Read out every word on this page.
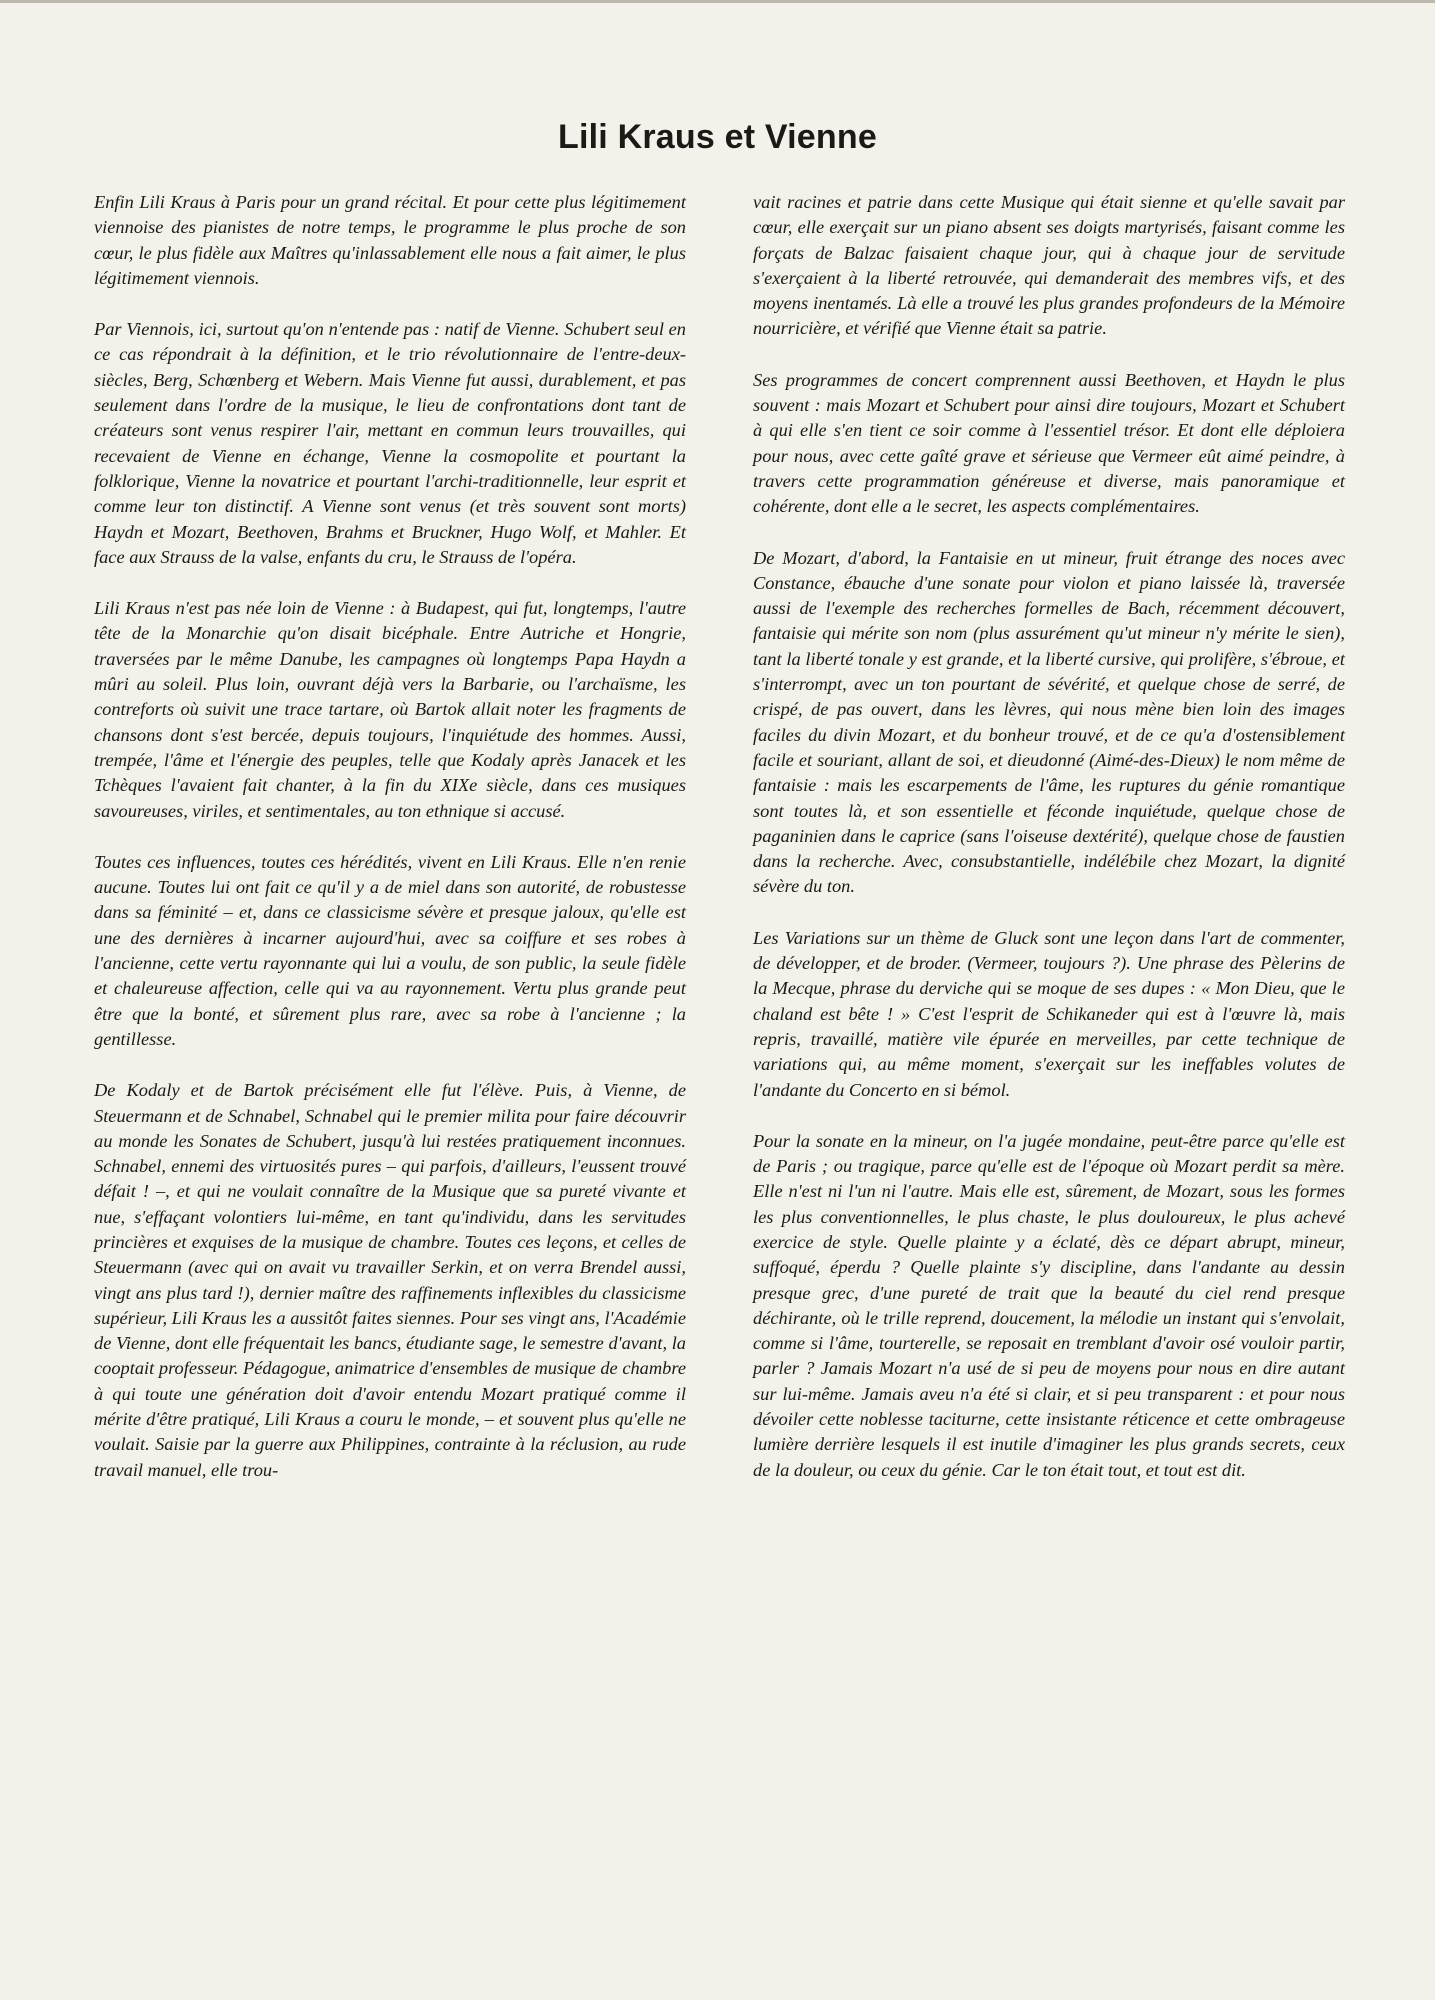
Lili Kraus et Vienne

Enfin Lili Kraus à Paris pour un grand récital. Et pour cette plus légitimement viennoise des pianistes de notre temps, le programme le plus proche de son cœur, le plus fidèle aux Maîtres qu'inlassablement elle nous a fait aimer, le plus légitimement viennois.

Par Viennois, ici, surtout qu'on n'entende pas : natif de Vienne. Schubert seul en ce cas répondrait à la définition, et le trio révolutionnaire de l'entre-deux-siècles, Berg, Schœnberg et Webern. Mais Vienne fut aussi, durablement, et pas seulement dans l'ordre de la musique, le lieu de confrontations dont tant de créateurs sont venus respirer l'air, mettant en commun leurs trouvailles, qui recevaient de Vienne en échange, Vienne la cosmopolite et pourtant la folklorique, Vienne la novatrice et pourtant l'archi-traditionnelle, leur esprit et comme leur ton distinctif. A Vienne sont venus (et très souvent sont morts) Haydn et Mozart, Beethoven, Brahms et Bruckner, Hugo Wolf, et Mahler. Et face aux Strauss de la valse, enfants du cru, le Strauss de l'opéra.

Lili Kraus n'est pas née loin de Vienne : à Budapest, qui fut, longtemps, l'autre tête de la Monarchie qu'on disait bicéphale. Entre Autriche et Hongrie, traversées par le même Danube, les campagnes où longtemps Papa Haydn a mûri au soleil. Plus loin, ouvrant déjà vers la Barbarie, ou l'archaïsme, les contreforts où suivit une trace tartare, où Bartok allait noter les fragments de chansons dont s'est bercée, depuis toujours, l'inquiétude des hommes. Aussi, trempée, l'âme et l'énergie des peuples, telle que Kodaly après Janacek et les Tchèques l'avaient fait chanter, à la fin du XIXe siècle, dans ces musiques savoureuses, viriles, et sentimentales, au ton ethnique si accusé.

Toutes ces influences, toutes ces hérédités, vivent en Lili Kraus. Elle n'en renie aucune. Toutes lui ont fait ce qu'il y a de miel dans son autorité, de robustesse dans sa féminité – et, dans ce classicisme sévère et presque jaloux, qu'elle est une des dernières à incarner aujourd'hui, avec sa coiffure et ses robes à l'ancienne, cette vertu rayonnante qui lui a voulu, de son public, la seule fidèle et chaleureuse affection, celle qui va au rayonnement. Vertu plus grande peut être que la bonté, et sûrement plus rare, avec sa robe à l'ancienne ; la gentillesse.

De Kodaly et de Bartok précisément elle fut l'élève. Puis, à Vienne, de Steuermann et de Schnabel, Schnabel qui le premier milita pour faire découvrir au monde les Sonates de Schubert, jusqu'à lui restées pratiquement inconnues. Schnabel, ennemi des virtuosités pures – qui parfois, d'ailleurs, l'eussent trouvé défait ! –, et qui ne voulait connaître de la Musique que sa pureté vivante et nue, s'effaçant volontiers lui-même, en tant qu'individu, dans les servitudes princières et exquises de la musique de chambre. Toutes ces leçons, et celles de Steuermann (avec qui on avait vu travailler Serkin, et on verra Brendel aussi, vingt ans plus tard !), dernier maître des raffinements inflexibles du classicisme supérieur, Lili Kraus les a aussitôt faites siennes. Pour ses vingt ans, l'Académie de Vienne, dont elle fréquentait les bancs, étudiante sage, le semestre d'avant, la cooptait professeur. Pédagogue, animatrice d'ensembles de musique de chambre à qui toute une génération doit d'avoir entendu Mozart pratiqué comme il mérite d'être pratiqué, Lili Kraus a couru le monde, – et souvent plus qu'elle ne voulait. Saisie par la guerre aux Philippines, contrainte à la réclusion, au rude travail manuel, elle trou-

vait racines et patrie dans cette Musique qui était sienne et qu'elle savait par cœur, elle exerçait sur un piano absent ses doigts martyrisés, faisant comme les forçats de Balzac faisaient chaque jour, qui à chaque jour de servitude s'exerçaient à la liberté retrouvée, qui demanderait des membres vifs, et des moyens inentamés. Là elle a trouvé les plus grandes profondeurs de la Mémoire nourricière, et vérifié que Vienne était sa patrie.

Ses programmes de concert comprennent aussi Beethoven, et Haydn le plus souvent : mais Mozart et Schubert pour ainsi dire toujours, Mozart et Schubert à qui elle s'en tient ce soir comme à l'essentiel trésor. Et dont elle déploiera pour nous, avec cette gaîté grave et sérieuse que Vermeer eût aimé peindre, à travers cette programmation généreuse et diverse, mais panoramique et cohérente, dont elle a le secret, les aspects complémentaires.

De Mozart, d'abord, la Fantaisie en ut mineur, fruit étrange des noces avec Constance, ébauche d'une sonate pour violon et piano laissée là, traversée aussi de l'exemple des recherches formelles de Bach, récemment découvert, fantaisie qui mérite son nom (plus assurément qu'ut mineur n'y mérite le sien), tant la liberté tonale y est grande, et la liberté cursive, qui prolifère, s'ébroue, et s'interrompt, avec un ton pourtant de sévérité, et quelque chose de serré, de crispé, de pas ouvert, dans les lèvres, qui nous mène bien loin des images faciles du divin Mozart, et du bonheur trouvé, et de ce qu'a d'ostensiblement facile et souriant, allant de soi, et dieudonné (Aimé-des-Dieux) le nom même de fantaisie : mais les escarpements de l'âme, les ruptures du génie romantique sont toutes là, et son essentielle et féconde inquiétude, quelque chose de paganinien dans le caprice (sans l'oiseuse dextérité), quelque chose de faustien dans la recherche. Avec, consubstantielle, indélébile chez Mozart, la dignité sévère du ton.

Les Variations sur un thème de Gluck sont une leçon dans l'art de commenter, de développer, et de broder. (Vermeer, toujours ?). Une phrase des Pèlerins de la Mecque, phrase du derviche qui se moque de ses dupes : « Mon Dieu, que le chaland est bête ! » C'est l'esprit de Schikaneder qui est à l'œuvre là, mais repris, travaillé, matière vile épurée en merveilles, par cette technique de variations qui, au même moment, s'exerçait sur les ineffables volutes de l'andante du Concerto en si bémol.

Pour la sonate en la mineur, on l'a jugée mondaine, peut-être parce qu'elle est de Paris ; ou tragique, parce qu'elle est de l'époque où Mozart perdit sa mère. Elle n'est ni l'un ni l'autre. Mais elle est, sûrement, de Mozart, sous les formes les plus conventionnelles, le plus chaste, le plus douloureux, le plus achevé exercice de style. Quelle plainte y a éclaté, dès ce départ abrupt, mineur, suffoqué, éperdu ? Quelle plainte s'y discipline, dans l'andante au dessin presque grec, d'une pureté de trait que la beauté du ciel rend presque déchirante, où le trille reprend, doucement, la mélodie un instant qui s'envolait, comme si l'âme, tourterelle, se reposait en tremblant d'avoir osé vouloir partir, parler ? Jamais Mozart n'a usé de si peu de moyens pour nous en dire autant sur lui-même. Jamais aveu n'a été si clair, et si peu transparent : et pour nous dévoiler cette noblesse taciturne, cette insistante réticence et cette ombrageuse lumière derrière lesquels il est inutile d'imaginer les plus grands secrets, ceux de la douleur, ou ceux du génie. Car le ton était tout, et tout est dit.
